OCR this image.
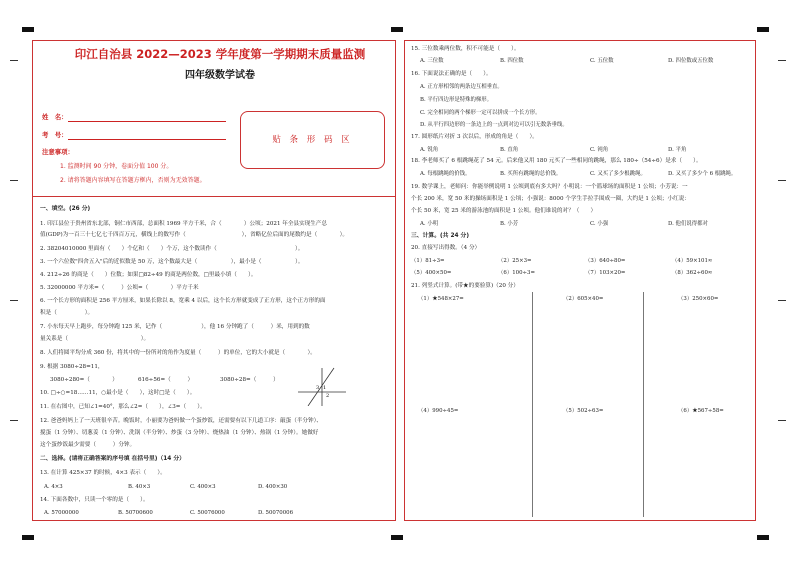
印江自治县 2022—2023 学年度第一学期期末质量监测
四年级数学试卷
姓　名：
考　号：
注意事项：
1. 监测时间 90 分钟，卷面分值 100 分。
2. 请将答题内容填写在答题方框内，否则为无效答题。
贴 条 形 码 区
一、填空。(26 分)
1. 印江县位于贵州省东北部，铜仁市西部，总面积 1969 平方千米，合（　　　　）公顷；2021 年全县实现生产总
值(GDP)为一百三十七亿七千四百万元，横线上的数写作（　　　　　　　　　　），省略亿位后面的尾数约是（　　　　）。
2. 38204010000 里面有（　　）个亿和（　　）个万，这个数读作（　　　　　　　　　　　　　　）。
3. 一个六位数"四舍五入"后的近似数是 50 万，这个数最大是（　　　　　　），最小是（　　　　　　）。
4. 212÷26 的商是（　　）位数；如果□82÷49 的商是两位数，□里最小填（　　）。
5. 32000000 平方米=（　　　）公顷=（　　　　）平方千米
6. 一个长方形的面积是 256 平方厘米，如果长除以 8，宽乘 4 以后，这个长方形就变成了正方形，这个正方形的面
积是（　　　　　）。
7. 小东每天早上跑步，每分钟跑 125 米，记作（　　　　　　　），他 16 分钟跑了（　　　）米，用到的数
量关系是（　　　　　　　　　　　　　）。
8. 人们将圆平均分成 360 份，将其中的一份所对的角作为度量（　　　）的单位，它的大小就是（　　　　）。
9. 根据 3080÷28=11，
3080÷280=（　　　　）	616÷56=（　　　）	3080÷28=（　　　）
1
2
3
10. □÷○=18……11，○最小是（　　），这时□是（　　）。
11. 在右图中，已知∠1=40°，那么∠2=（　　），∠3=（　　）。
12. 爸爸妈妈上了一天班很辛苦。晚饭时，小丽要为爸妈做一个蛋炒饭，还需要有以下几道工序：敲蛋（半分钟）、
搅蛋（1 分钟）、切葱姜（1 分钟）、洗锅（半分钟）、炒蛋（3 分钟）、烧热油（1 分钟）、热锅（1 分钟）。她做好
这个蛋炒饭最少需要（　　　）分钟。
二、选择。(请将正确答案的序号填 在括号里)（14 分）
13. 在计算 425×37 的时候，4×3 表示（　　）。
A. 4×3	B. 40×3	C. 400×3	D. 400×30
14. 下面各数中，只读一个零的是（　　）。
A. 57000000	B. 50700600	C. 50076000	D. 50070006
15. 三位数乘两位数，积不可能是（　　）。
A. 三位数	B. 四位数	C. 五位数	D. 四位数或五位数
16. 下面说法正确的是（　　）。
A. 正方形相邻的两条边互相垂直。
B. 平行四边形是特殊的梯形。
C. 完全相同的两个梯形一定可以拼成一个长方形。
D. 从平行四边形的一条边上的一点到对边可以引无数条垂线。
17. 圆形纸片对折 3 次以后，形成的角是（　　）。
A. 锐角	B. 直角	C. 钝角	D. 平角
18. 李老师买了 6 根跳绳花了 54 元。后来他又用 180 元买了一些相同的跳绳，那么 180÷（54÷6）是求（　　）。
A. 每根跳绳的价钱。	B. 买所有跳绳的总价钱。	C. 又买了多少根跳绳。	D. 又买了多少个 6 根跳绳。
19. 数学课上，老师问：你能举例说明 1 公顷到底有多大吗？小明说：一个篮球场的面积是 1 公顷；小芳说：一
个长 200 米，宽 50 米的操场面积是 1 公顷；小强说：8000 个学生手拉手围成一圈，大约是 1 公顷；小红说：
个长 50 米，宽 25 米的游泳池的面积是 1 公顷。他们谁说的对？（　　）
A. 小明	B. 小芳	C. 小强	D. 他们说得都对
三、计算。(共 24 分)
20. 直接写出得数。（4 分）
（1）81÷3=	（2）25×3=	（3）640÷80=	（4）59×101≈
（5）400×50=	（6）100÷3=	（7）103×20=	（8）362÷60≈
21. 列竖式计算。(带★的要验算)（20 分）
（1）★548×27=	（2）605×40=	（3）250×60=
（4）990÷45=	（5）502÷63=	（6）★567÷58=
